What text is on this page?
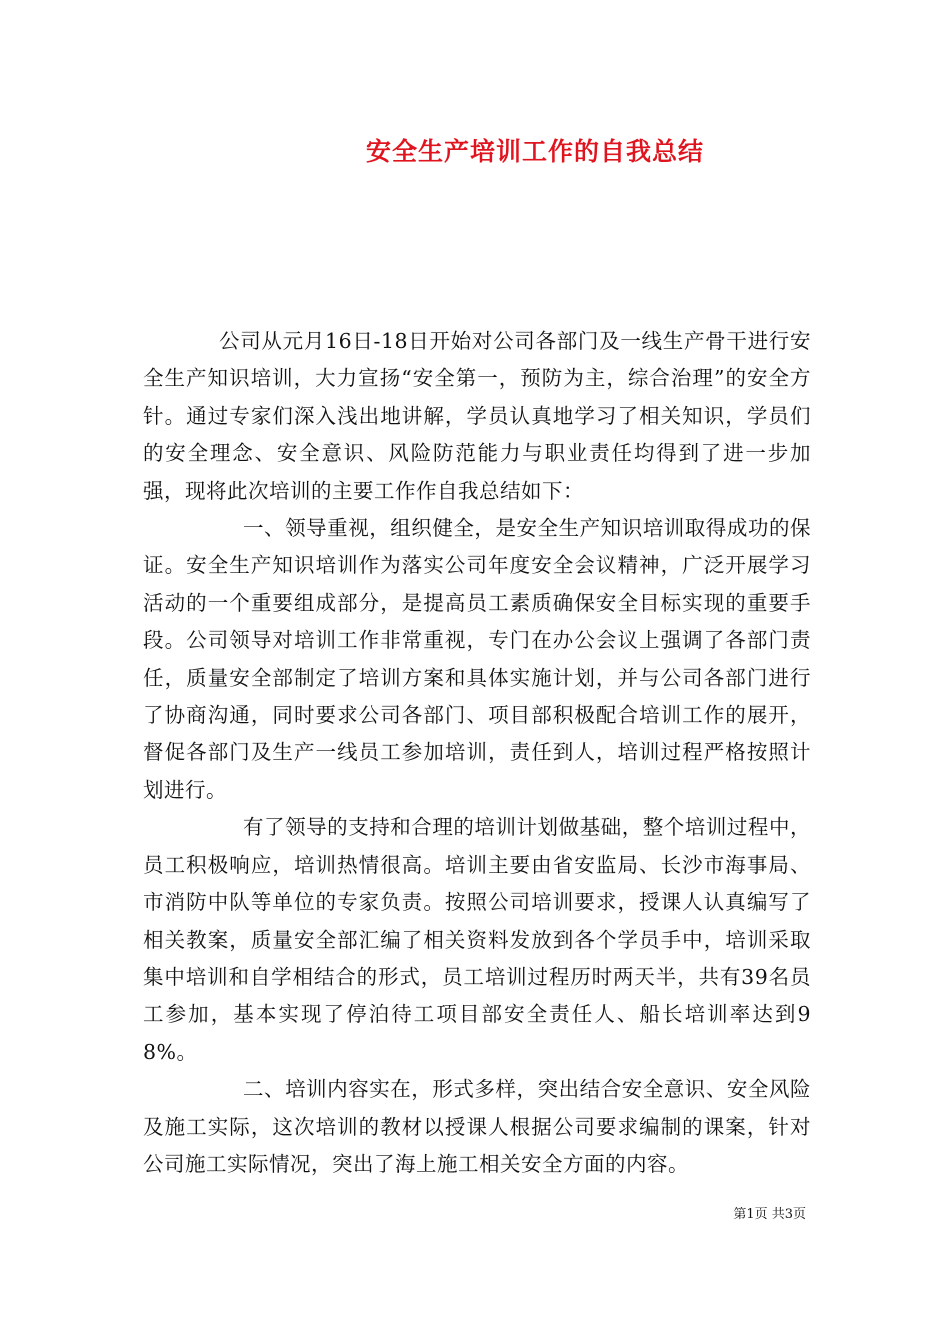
安全生产培训工作的自我总结

公司从元月16日-18日开始对公司各部门及一线生产骨干进行安全生产知识培训，大力宣扬“安全第一，预防为主，综合治理”的安全方针。通过专家们深入浅出地讲解，学员认真地学习了相关知识，学员们的安全理念、安全意识、风险防范能力与职业责任均得到了进一步加强，现将此次培训的主要工作作自我总结如下：

一、领导重视，组织健全，是安全生产知识培训取得成功的保证。安全生产知识培训作为落实公司年度安全会议精神，广泛开展学习活动的一个重要组成部分，是提高员工素质确保安全目标实现的重要手段。公司领导对培训工作非常重视，专门在办公会议上强调了各部门责任，质量安全部制定了培训方案和具体实施计划，并与公司各部门进行了协商沟通，同时要求公司各部门、项目部积极配合培训工作的展开，督促各部门及生产一线员工参加培训，责任到人，培训过程严格按照计划进行。

有了领导的支持和合理的培训计划做基础，整个培训过程中，员工积极响应，培训热情很高。培训主要由省安监局、长沙市海事局、市消防中队等单位的专家负责。按照公司培训要求，授课人认真编写了相关教案，质量安全部汇编了相关资料发放到各个学员手中，培训采取集中培训和自学相结合的形式，员工培训过程历时两天半，共有39名员工参加，基本实现了停泊待工项目部安全责任人、船长培训率达到98%。

二、培训内容实在，形式多样，突出结合安全意识、安全风险及施工实际，这次培训的教材以授课人根据公司要求编制的课案，针对公司施工实际情况，突出了海上施工相关安全方面的内容。

第1页 共3页
